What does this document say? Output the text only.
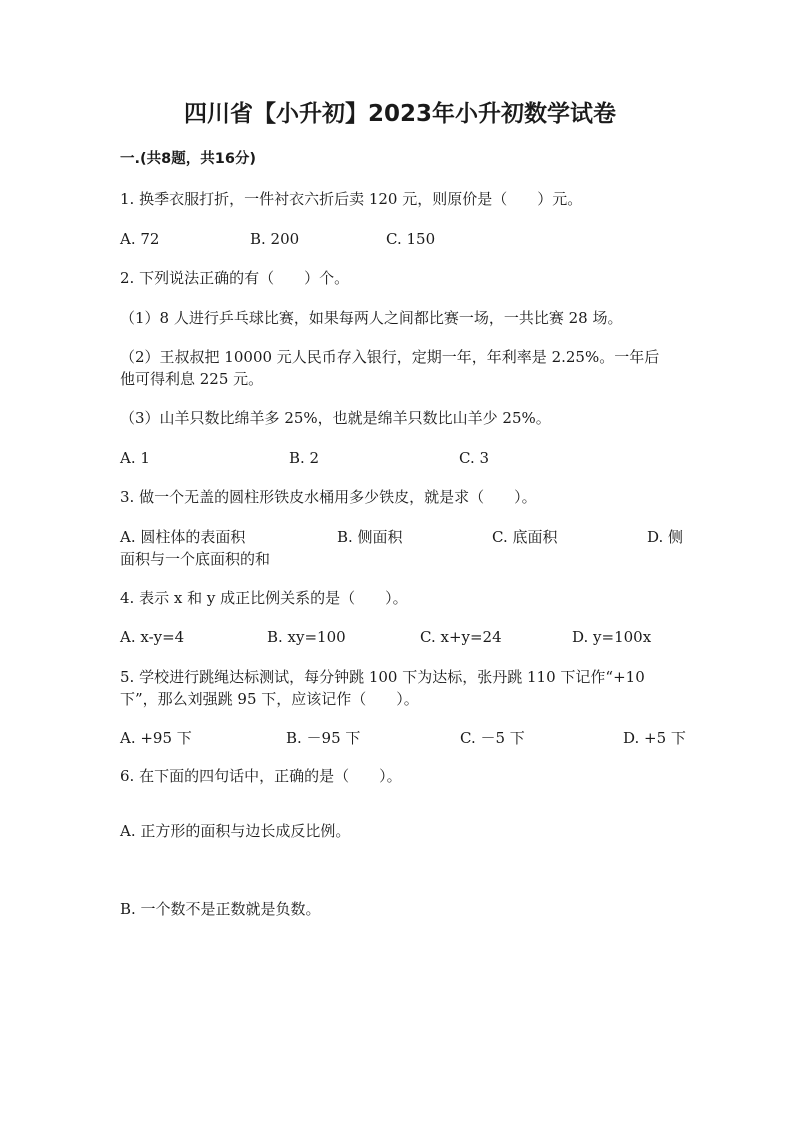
四川省【小升初】2023年小升初数学试卷
一.(共8题，共16分)
1. 换季衣服打折，一件衬衣六折后卖 120 元，则原价是（　　）元。
A. 72	B. 200	C. 150
2. 下列说法正确的有（　　）个。
（1）8 人进行乒乓球比赛，如果每两人之间都比赛一场，一共比赛 28 场。
（2）王叔叔把 10000 元人民币存入银行，定期一年，年利率是 2.25%。一年后
他可得利息 225 元。
（3）山羊只数比绵羊多 25%，也就是绵羊只数比山羊少 25%。
A. 1	B. 2	C. 3
3. 做一个无盖的圆柱形铁皮水桶用多少铁皮，就是求（　　）。
A. 圆柱体的表面积	B. 侧面积	C. 底面积	D. 侧
面积与一个底面积的和
4. 表示 x 和 y 成正比例关系的是（　　）。
A. x-y=4	B. xy=100	C. x+y=24	D. y=100x
5. 学校进行跳绳达标测试，每分钟跳 100 下为达标，张丹跳 110 下记作“+10
下”，那么刘强跳 95 下，应该记作（　　）。
A. +95 下	B. －95 下	C. －5 下	D. +5 下
6. 在下面的四句话中，正确的是（　　）。
A. 正方形的面积与边长成反比例。
B. 一个数不是正数就是负数。
